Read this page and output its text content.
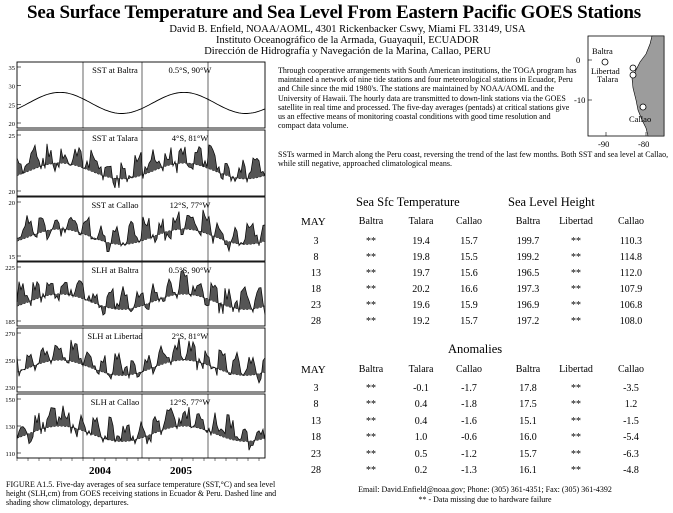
Sea Surface Temperature and Sea Level From Eastern Pacific GOES Stations
David B. Enfield, NOAA/AOML, 4301 Rickenbacker Cswy, Miami FL 33149, USA
Instituto Oceanográfico de la Armada, Guayaquil, ECUADOR
Dirección de Hidrografía y Navegación de la Marina, Callao, PERU
SST at Baltra	0.5°S, 90°W
35
30
25
20
SST at Talara	4°S, 81°W
25
20
SST at Callao	12°S, 77°W
20
15
SLH at Baltra	0.5°S, 90°W
225
185
SLH at Libertad	2°S, 81°W
270
250
230
SLH at Callao	12°S, 77°W
150
130
110
2004	2005
Baltra
Libertad
Talara
Callao
0
-10
-90	-80
Through cooperative arrangements with South American institutions, the TOGA program has maintained a network of nine tide stations and four meteorological stations in Ecuador, Peru and Chile since the mid 1980's. The stations are maintained by NOAA/AOML and the University of Hawaii. The hourly data are transmitted to down-link stations via the GOES satellite in real time and processed. The five-day averages (pentads) at critical stations give us an effective means of monitoring coastal conditions with good time resolution and compact data volume.
SSTs warmed in March along the Peru coast, reversing the trend of the last few months. Both SST and sea level at Callao, while still negative, approached climatological means.
Sea Sfc Temperature	Sea Level Height
MAY	Baltra	Talara	Callao	Baltra	Libertad	Callao
3	**	19.4	15.7	199.7	**	110.3
8	**	19.8	15.5	199.2	**	114.8
13	**	19.7	15.6	196.5	**	112.0
18	**	20.2	16.6	197.3	**	107.9
23	**	19.6	15.9	196.9	**	106.8
28	**	19.2	15.7	197.2	**	108.0
Anomalies
MAY	Baltra	Talara	Callao	Baltra	Libertad	Callao
3	**	-0.1	-1.7	17.8	**	-3.5
8	**	0.4	-1.8	17.5	**	1.2
13	**	0.4	-1.6	15.1	**	-1.5
18	**	1.0	-0.6	16.0	**	-5.4
23	**	0.5	-1.2	15.7	**	-6.3
28	**	0.2	-1.3	16.1	**	-4.8
FIGURE A1.5. Five-day averages of sea surface temperature (SST,°C) and sea level height (SLH,cm) from GOES receiving stations in Ecuador & Peru. Dashed line and shading show climatology, departures.
Email: David.Enfield@noaa.gov; Phone: (305) 361-4351; Fax: (305) 361-4392
** - Data missing due to hardware failure
